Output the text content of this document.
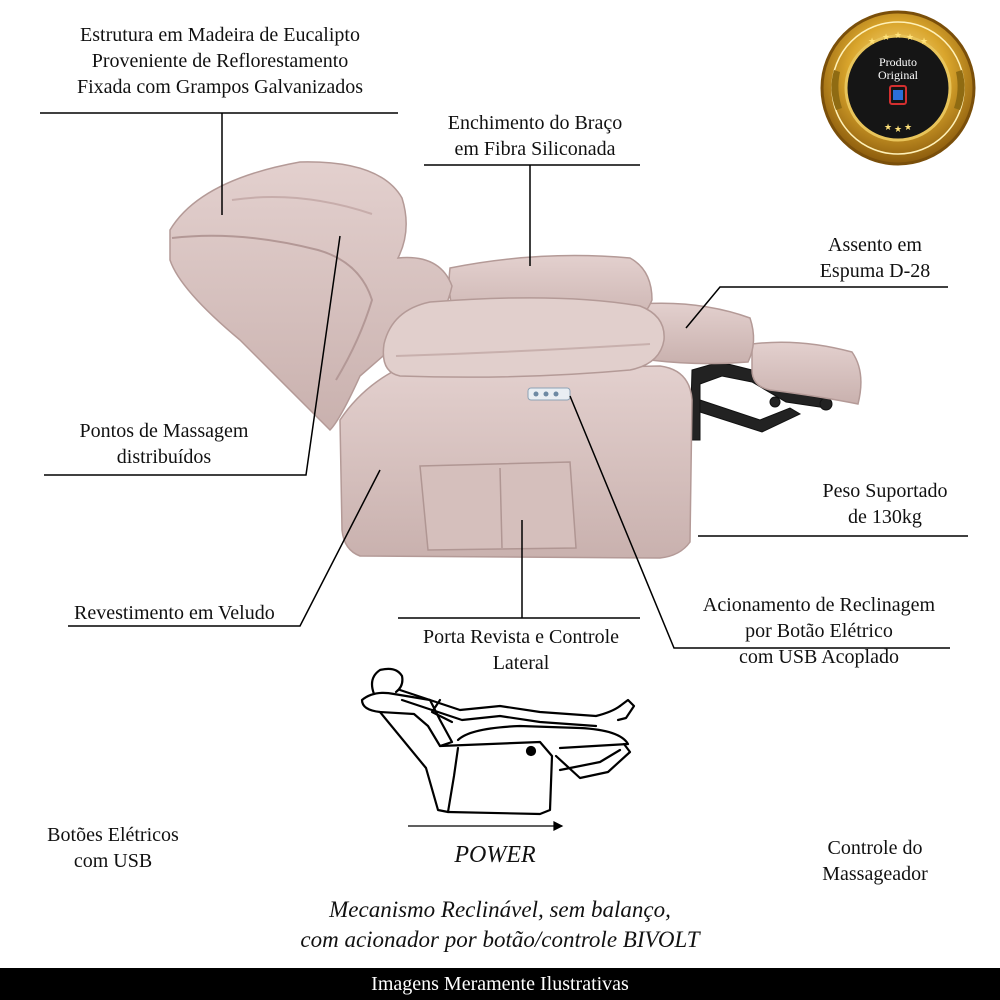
★ ★ ★ ★ ★
★ ★ ★
Estrutura em Madeira de Eucalipto
Proveniente de Reflorestamento
Fixada com Grampos Galvanizados
Enchimento do Braço
em Fibra Siliconada
Assento em
Espuma D-28
Pontos de Massagem
distribuídos
Peso Suportado
de 130kg
Revestimento em Veludo
Porta Revista e Controle
Lateral
Acionamento de Reclinagem
por Botão Elétrico
com USB Acoplado
Botões Elétricos
com USB
Controle do
Massageador
Produto
Original
POWER
Mecanismo Reclinável, sem balanço,
com acionador por botão/controle BIVOLT
Imagens Meramente Ilustrativas
